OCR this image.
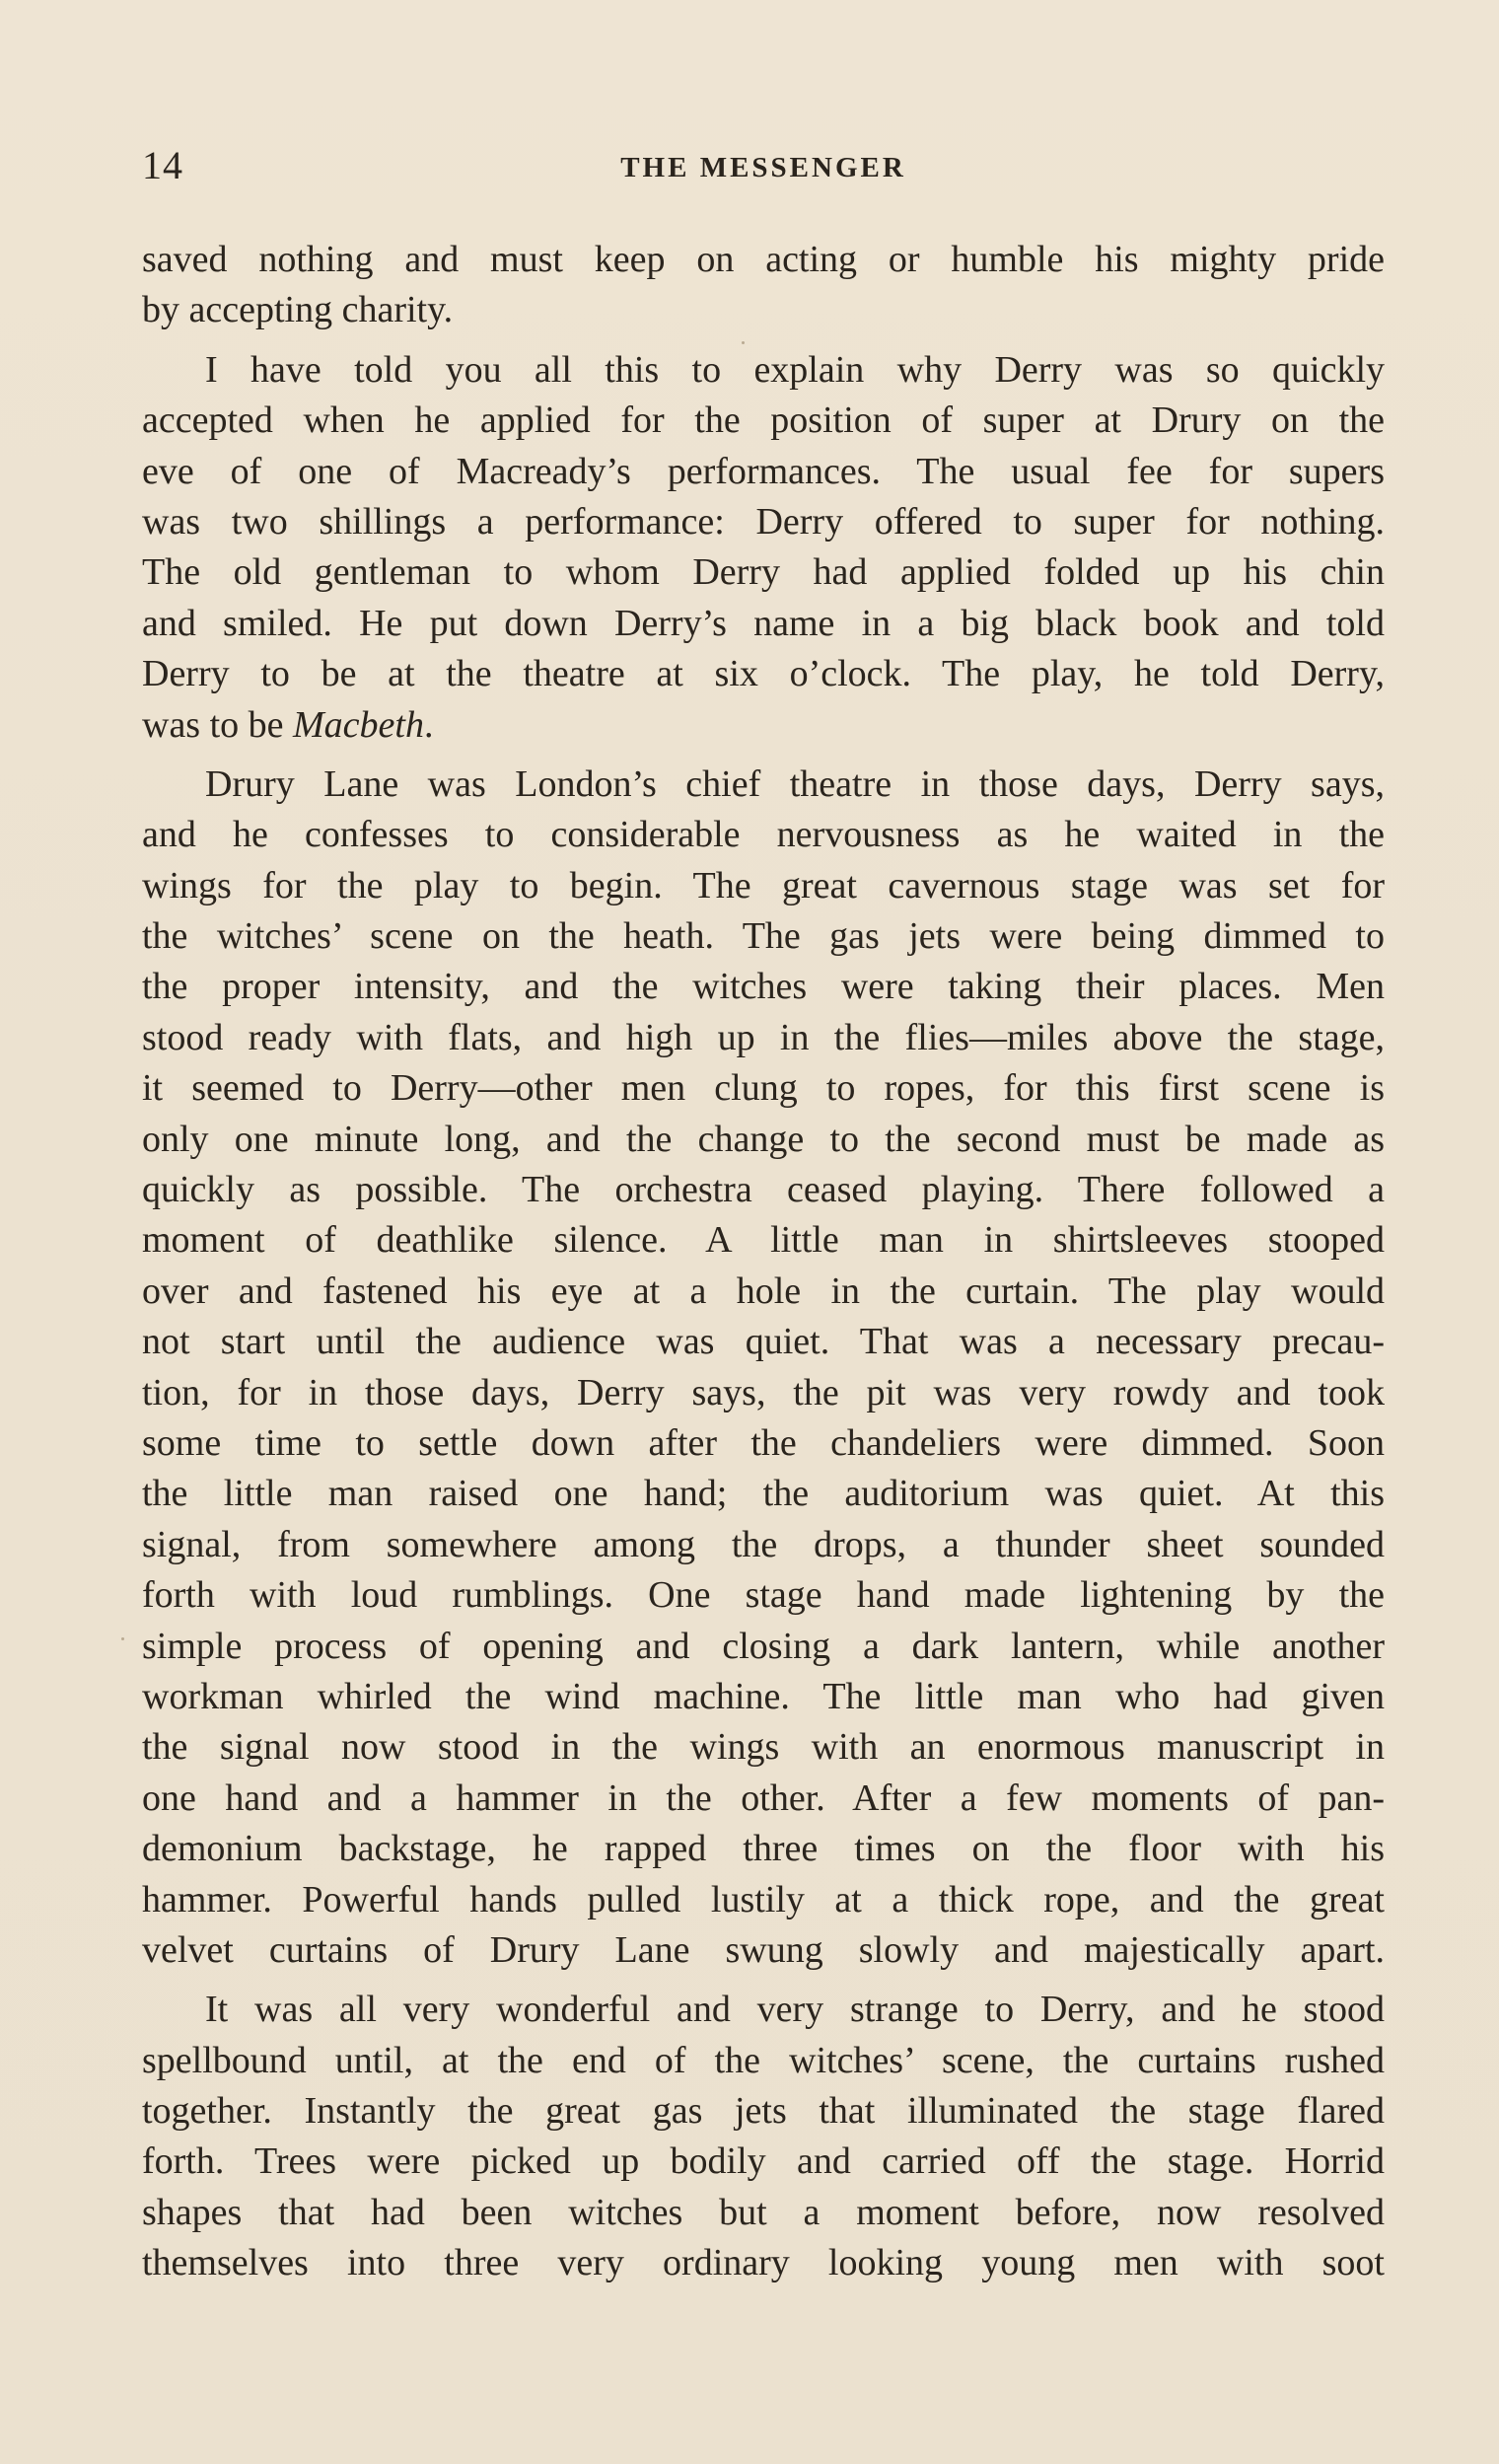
14	THE MESSENGER
saved nothing and must keep on acting or humble his mighty pride
by accepting charity.
I have told you all this to explain why Derry was so quickly
accepted when he applied for the position of super at Drury on the
eve of one of Macready’s performances. The usual fee for supers
was two shillings a performance: Derry offered to super for nothing.
The old gentleman to whom Derry had applied folded up his chin
and smiled. He put down Derry’s name in a big black book and told
Derry to be at the theatre at six o’clock. The play, he told Derry,
was to be Macbeth.
Drury Lane was London’s chief theatre in those days, Derry says,
and he confesses to considerable nervousness as he waited in the
wings for the play to begin. The great cavernous stage was set for
the witches’ scene on the heath. The gas jets were being dimmed to
the proper intensity, and the witches were taking their places. Men
stood ready with flats, and high up in the flies—miles above the stage,
it seemed to Derry—other men clung to ropes, for this first scene is
only one minute long, and the change to the second must be made as
quickly as possible. The orchestra ceased playing. There followed a
moment of deathlike silence. A little man in shirtsleeves stooped
over and fastened his eye at a hole in the curtain. The play would
not start until the audience was quiet. That was a necessary precau-
tion, for in those days, Derry says, the pit was very rowdy and took
some time to settle down after the chandeliers were dimmed. Soon
the little man raised one hand; the auditorium was quiet. At this
signal, from somewhere among the drops, a thunder sheet sounded
forth with loud rumblings. One stage hand made lightening by the
simple process of opening and closing a dark lantern, while another
workman whirled the wind machine. The little man who had given
the signal now stood in the wings with an enormous manuscript in
one hand and a hammer in the other. After a few moments of pan-
demonium backstage, he rapped three times on the floor with his
hammer. Powerful hands pulled lustily at a thick rope, and the great
velvet curtains of Drury Lane swung slowly and majestically apart.
It was all very wonderful and very strange to Derry, and he stood
spellbound until, at the end of the witches’ scene, the curtains rushed
together. Instantly the great gas jets that illuminated the stage flared
forth. Trees were picked up bodily and carried off the stage. Horrid
shapes that had been witches but a moment before, now resolved
themselves into three very ordinary looking young men with soot
